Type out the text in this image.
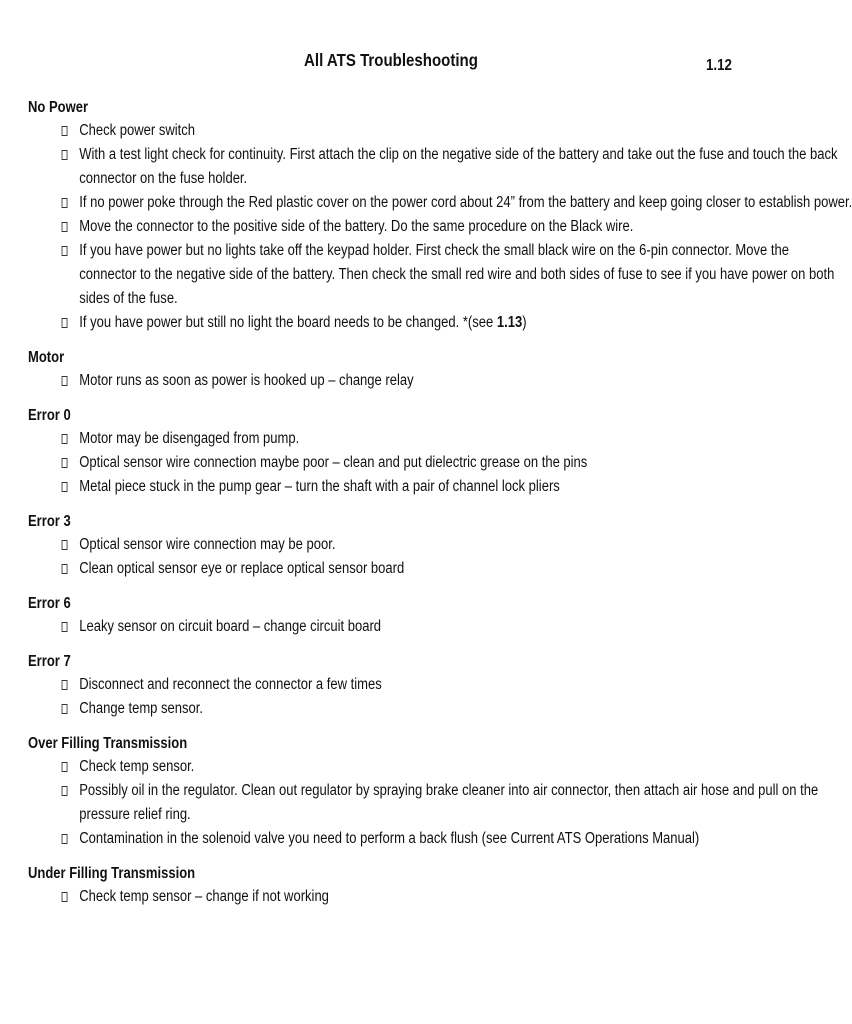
All ATS Troubleshooting	1.12
No Power
Check power switch
With a test light check for continuity. First attach the clip on the negative side of the battery and take out the fuse and touch the back
connector on the fuse holder.
If no power poke through the Red plastic cover on the power cord about 24” from the battery and keep going closer to establish power.
Move the connector to the positive side of the battery. Do the same procedure on the Black wire.
If you have power but no lights take off the keypad holder. First check the small black wire on the 6-pin connector. Move the
connector to the negative side of the battery. Then check the small red wire and both sides of fuse to see if you have power on both
sides of the fuse.
If you have power but still no light the board needs to be changed. *(see 1.13)
Motor
Motor runs as soon as power is hooked up – change relay
Error 0
Motor may be disengaged from pump.
Optical sensor wire connection maybe poor – clean and put dielectric grease on the pins
Metal piece stuck in the pump gear – turn the shaft with a pair of channel lock pliers
Error 3
Optical sensor wire connection may be poor.
Clean optical sensor eye or replace optical sensor board
Error 6
Leaky sensor on circuit board – change circuit board
Error 7
Disconnect and reconnect the connector a few times
Change temp sensor.
Over Filling Transmission
Check temp sensor.
Possibly oil in the regulator. Clean out regulator by spraying brake cleaner into air connector, then attach air hose and pull on the
pressure relief ring.
Contamination in the solenoid valve you need to perform a back flush (see Current ATS Operations Manual)
Under Filling Transmission
Check temp sensor – change if not working
